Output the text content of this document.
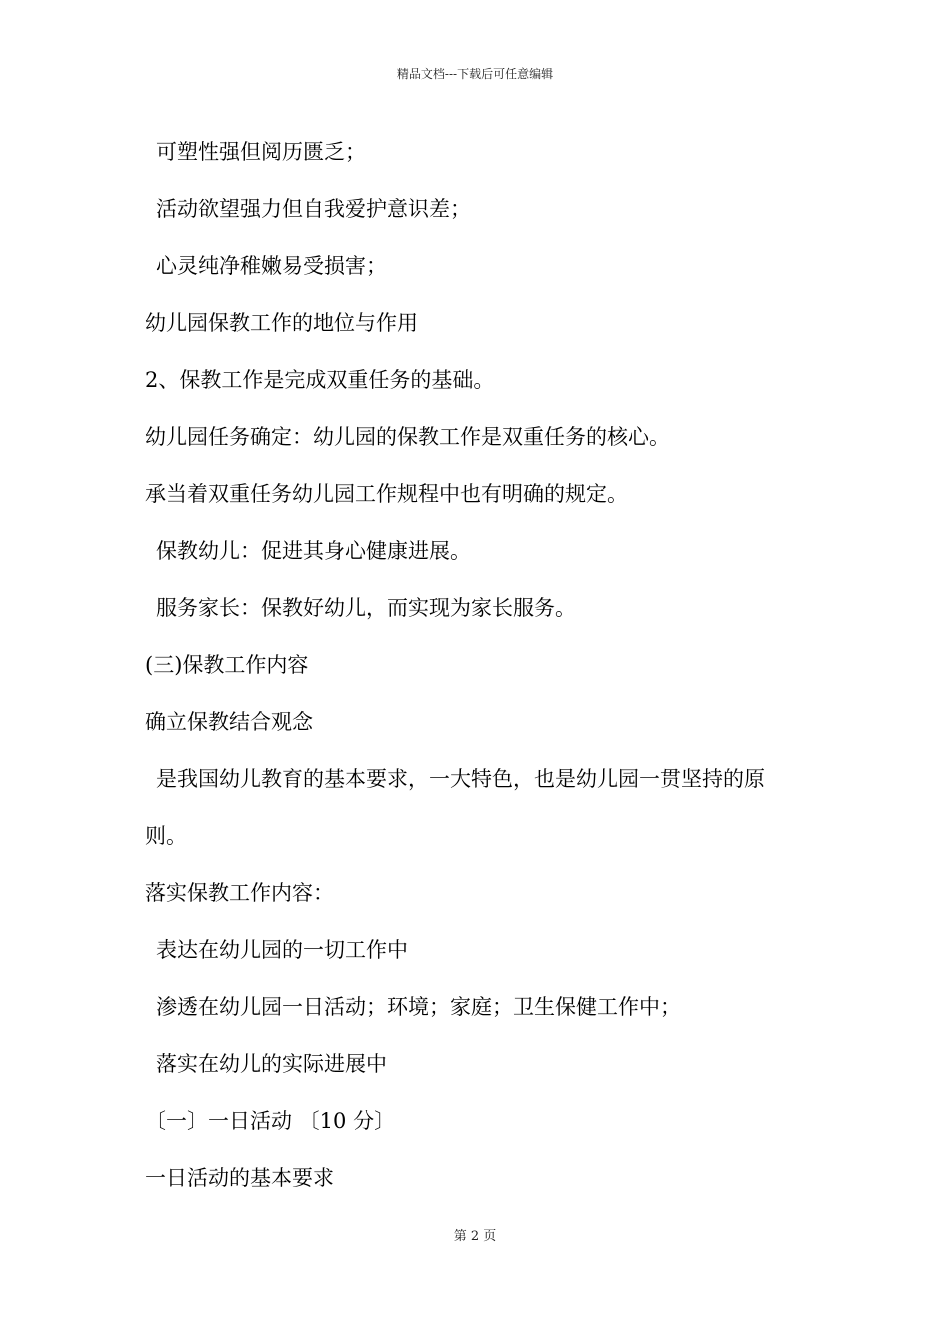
精品文档---下载后可任意编辑
可塑性强但阅历匮乏；
活动欲望强力但自我爱护意识差；
心灵纯净稚嫩易受损害；
幼儿园保教工作的地位与作用
2、保教工作是完成双重任务的基础。
幼儿园任务确定：幼儿园的保教工作是双重任务的核心。
承当着双重任务幼儿园工作规程中也有明确的规定。
保教幼儿：促进其身心健康进展。
服务家长：保教好幼儿，而实现为家长服务。
(三)保教工作内容
确立保教结合观念
是我国幼儿教育的基本要求，一大特色，也是幼儿园一贯坚持的原
则。
落实保教工作内容：
表达在幼儿园的一切工作中
渗透在幼儿园一日活动；环境；家庭；卫生保健工作中；
落实在幼儿的实际进展中
〔一〕一日活动 〔10 分〕
一日活动的基本要求
第 2 页
